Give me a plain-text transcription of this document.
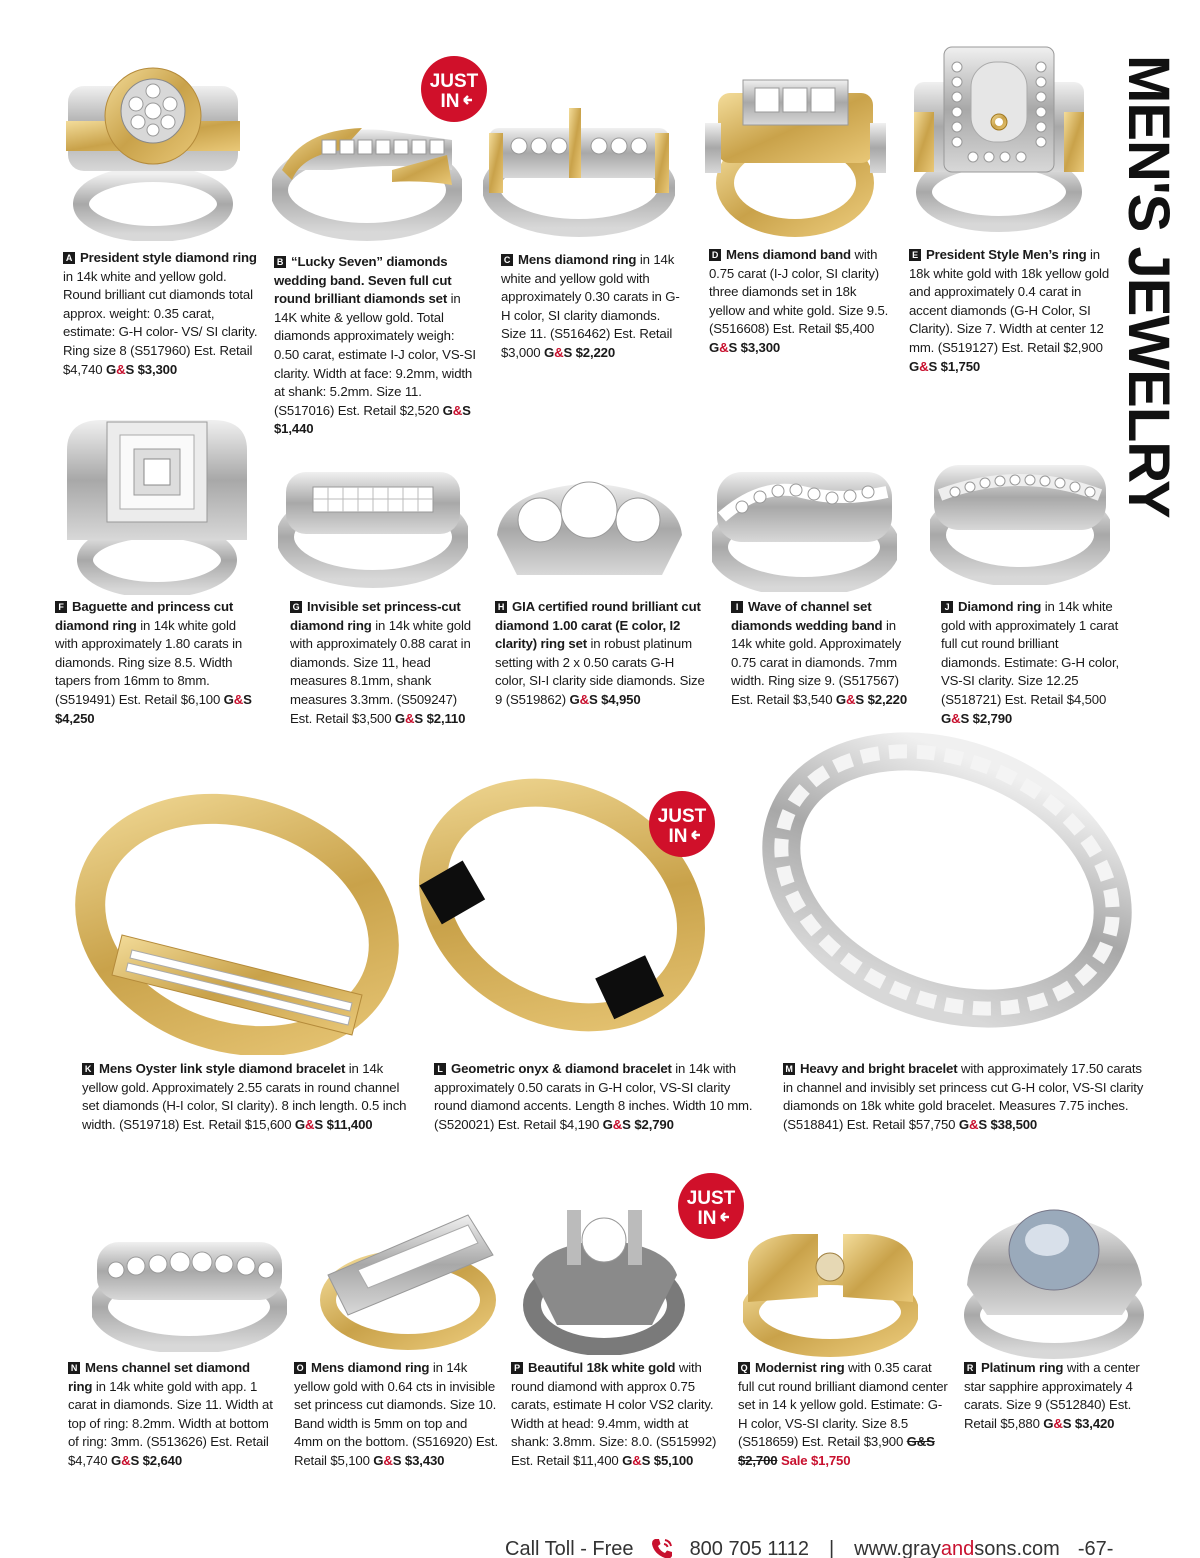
MEN'S JEWELRY
JUST
IN
JUST
IN
JUST
IN
A President style diamond ring in 14k white and yellow gold. Round brilliant cut diamonds total approx. weight: 0.35 carat, estimate: G-H color- VS/ SI clarity. Ring size 8 (S517960) Est. Retail $4,740 G&S $3,300
B “Lucky Seven” diamonds wedding band. Seven full cut round brilliant diamonds set in 14K white & yellow gold. Total diamonds approximately weigh: 0.50 carat, estimate I-J color, VS-SI clarity. Width at face: 9.2mm, width at shank: 5.2mm. Size 11. (S517016) Est. Retail $2,520 G&S $1,440
C Mens diamond ring in 14k white and yellow gold with approximately 0.30 carats in G-H color, SI clarity diamonds. Size 11. (S516462) Est. Retail $3,000 G&S $2,220
D Mens diamond band with 0.75 carat (I-J color, SI clarity) three diamonds set in 18k yellow and white gold. Size 9.5. (S516608) Est. Retail $5,400 G&S $3,300
E President Style Men’s ring in 18k white gold with 18k yellow gold and approximately 0.4 carat in accent diamonds (G-H Color, SI Clarity). Size 7. Width at center 12 mm. (S519127) Est. Retail $2,900 G&S $1,750
F Baguette and princess cut diamond ring in 14k white gold with approximately 1.80 carats in diamonds. Ring size 8.5. Width tapers from 16mm to 8mm. (S519491) Est. Retail $6,100 G&S $4,250
G Invisible set princess-cut diamond ring in 14k white gold with approximately 0.88 carat in diamonds. Size 11, head measures 8.1mm, shank measures 3.3mm. (S509247) Est. Retail $3,500 G&S $2,110
H GIA certified round brilliant cut diamond 1.00 carat (E color, I2 clarity) ring set in robust platinum setting with 2 x 0.50 carats G-H color, SI-I clarity side diamonds. Size 9 (S519862) G&S $4,950
I Wave of channel set diamonds wedding band in 14k white gold. Approximately 0.75 carat in diamonds. 7mm width. Ring size 9. (S517567) Est. Retail $3,540 G&S $2,220
J Diamond ring in 14k white gold with approximately 1 carat full cut round brilliant diamonds. Estimate: G-H color, VS-SI clarity. Size 12.25 (S518721) Est. Retail $4,500 G&S $2,790
K Mens Oyster link style diamond bracelet in 14k yellow gold. Approximately 2.55 carats in round channel set diamonds (H-I color, SI clarity). 8 inch length. 0.5 inch width. (S519718) Est. Retail $15,600 G&S $11,400
L Geometric onyx & diamond bracelet in 14k with approximately 0.50 carats in G-H color, VS-SI clarity round diamond accents. Length 8 inches. Width 10 mm. (S520021) Est. Retail $4,190 G&S $2,790
M Heavy and bright bracelet with approximately 17.50 carats in channel and invisibly set princess cut G-H color, VS-SI clarity diamonds on 18k white gold bracelet. Measures 7.75 inches. (S518841) Est. Retail $57,750 G&S $38,500
N Mens channel set diamond ring in 14k white gold with app. 1 carat in diamonds. Size 11. Width at top of ring: 8.2mm. Width at bottom of ring: 3mm. (S513626) Est. Retail $4,740 G&S $2,640
O Mens diamond ring in 14k yellow gold with 0.64 cts in invisible set princess cut diamonds. Size 10. Band width is 5mm on top and 4mm on the bottom. (S516920) Est. Retail $5,100 G&S $3,430
P Beautiful 18k white gold with round diamond with approx 0.75 carats, estimate H color VS2 clarity. Width at head: 9.4mm, width at shank: 3.8mm. Size: 8.0. (S515992) Est. Retail $11,400 G&S $5,100
Q Modernist ring with 0.35 carat full cut round brilliant diamond center set in 14 k yellow gold. Estimate: G-H color, VS-SI clarity. Size 8.5 (S518659) Est. Retail $3,900 G&S $2,700 Sale $1,750
R Platinum ring with a center star sapphire approximately 4 carats. Size 9 (S512840) Est. Retail $5,880 G&S $3,420
Call Toll - Free	800 705 1112 | www.grayandsons.com -67-
